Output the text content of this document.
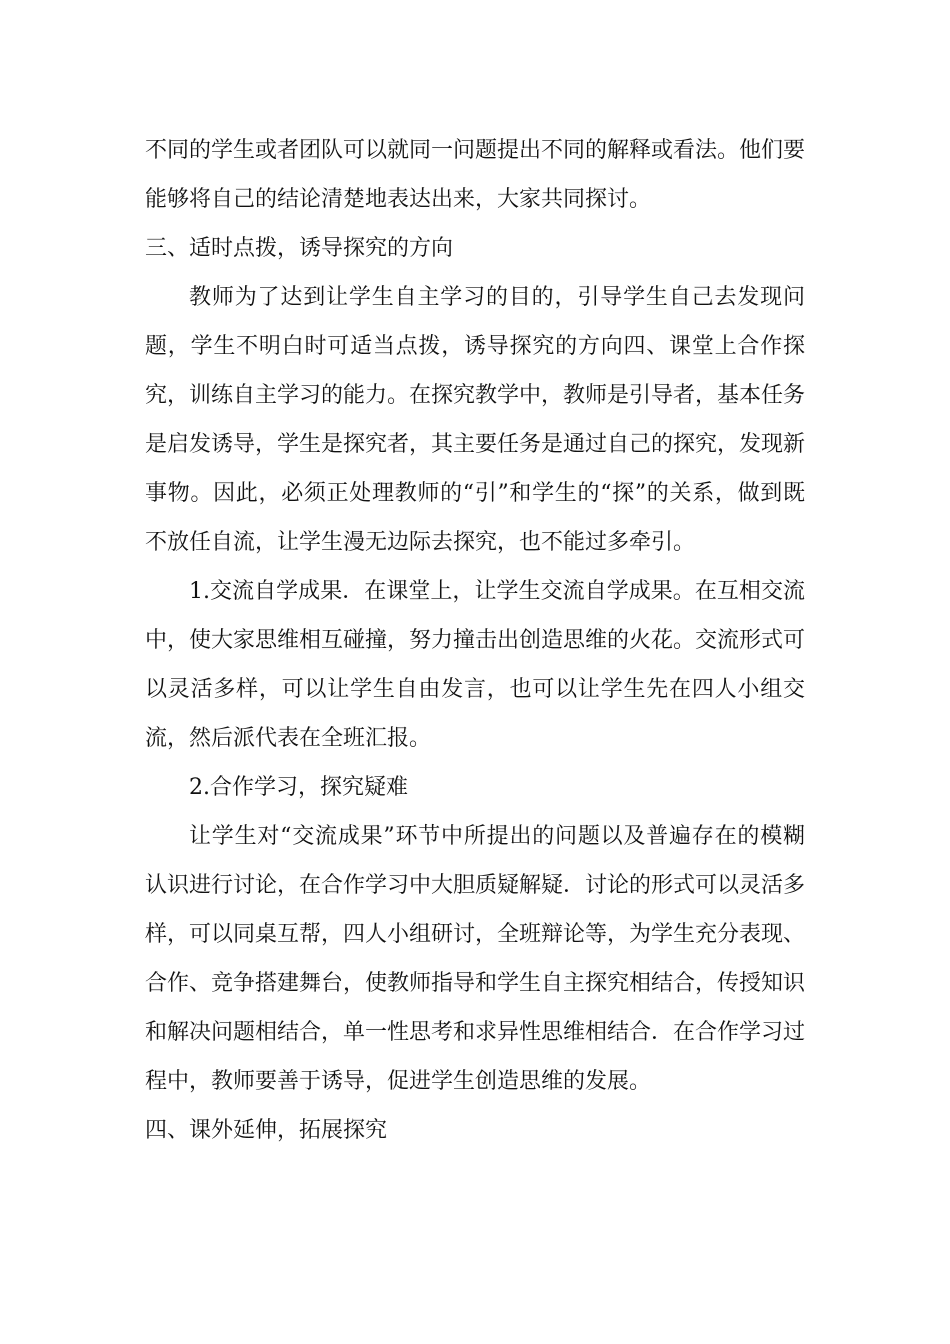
不同的学生或者团队可以就同一问题提出不同的解释或看法。他们要能够将自己的结论清楚地表达出来，大家共同探讨。

三、适时点拨，诱导探究的方向

教师为了达到让学生自主学习的目的，引导学生自己去发现问题，学生不明白时可适当点拨，诱导探究的方向四、课堂上合作探究，训练自主学习的能力。在探究教学中，教师是引导者，基本任务是启发诱导，学生是探究者，其主要任务是通过自己的探究，发现新事物。因此，必须正处理教师的“引”和学生的“探”的关系，做到既不放任自流，让学生漫无边际去探究，也不能过多牵引。

1.交流自学成果．在课堂上，让学生交流自学成果。在互相交流中，使大家思维相互碰撞，努力撞击出创造思维的火花。交流形式可以灵活多样，可以让学生自由发言，也可以让学生先在四人小组交流，然后派代表在全班汇报。

2.合作学习，探究疑难

让学生对“交流成果”环节中所提出的问题以及普遍存在的模糊认识进行讨论，在合作学习中大胆质疑解疑．讨论的形式可以灵活多样，可以同桌互帮，四人小组研讨，全班辩论等，为学生充分表现、合作、竞争搭建舞台，使教师指导和学生自主探究相结合，传授知识和解决问题相结合，单一性思考和求异性思维相结合．在合作学习过程中，教师要善于诱导，促进学生创造思维的发展。

四、课外延伸，拓展探究
